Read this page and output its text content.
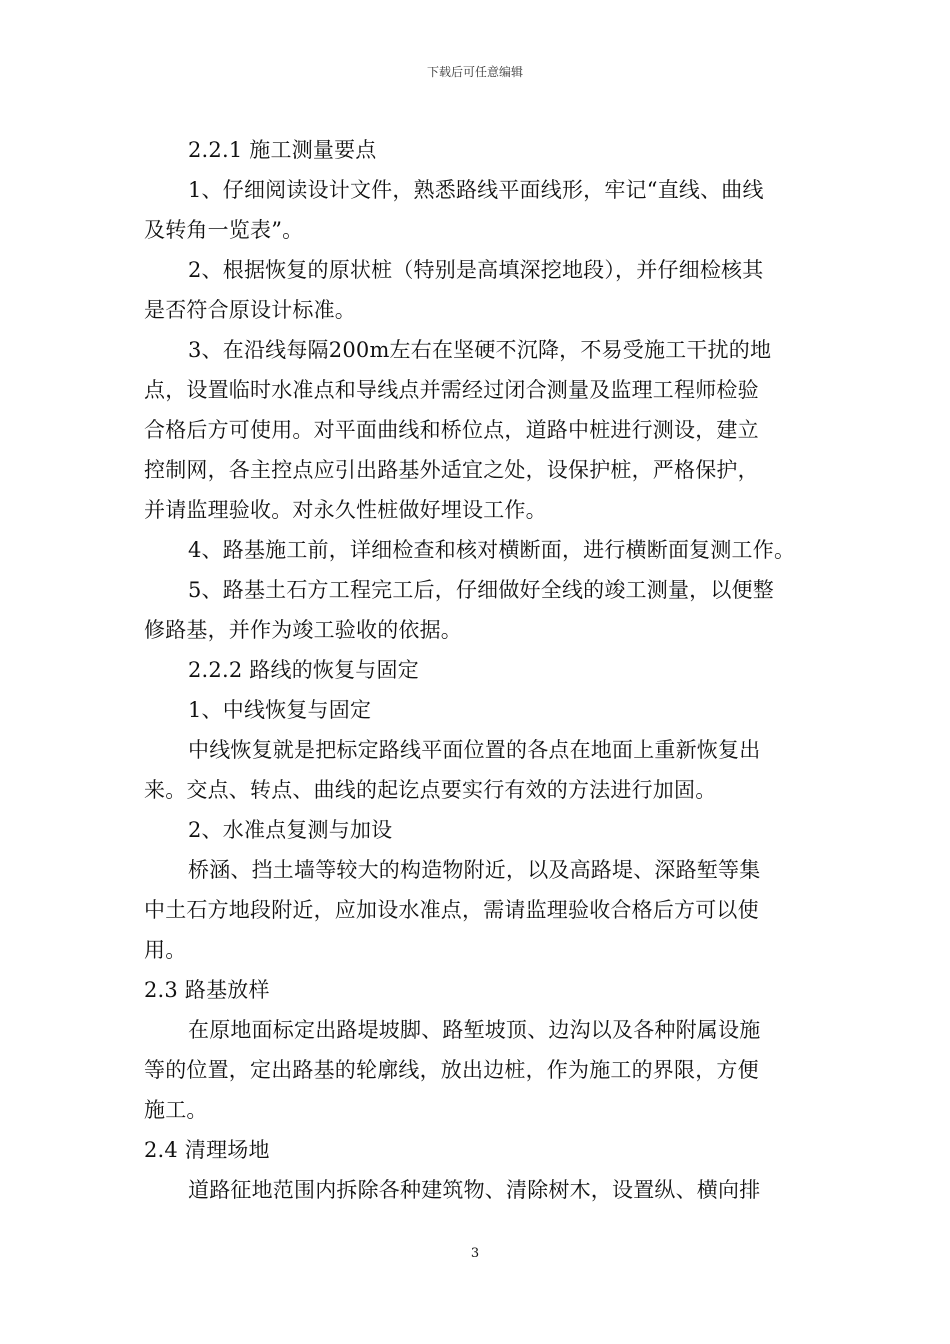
下载后可任意编辑
2.2.1 施工测量要点
1、仔细阅读设计文件，熟悉路线平面线形，牢记“直线、曲线
及转角一览表”。
2、根据恢复的原状桩（特别是高填深挖地段），并仔细检核其
是否符合原设计标准。
3、在沿线每隔200m左右在坚硬不沉降，不易受施工干扰的地
点，设置临时水准点和导线点并需经过闭合测量及监理工程师检验
合格后方可使用。对平面曲线和桥位点，道路中桩进行测设，建立
控制网，各主控点应引出路基外适宜之处，设保护桩，严格保护，
并请监理验收。对永久性桩做好埋设工作。
4、路基施工前，详细检查和核对横断面，进行横断面复测工作。
5、路基土石方工程完工后，仔细做好全线的竣工测量，以便整
修路基，并作为竣工验收的依据。
2.2.2 路线的恢复与固定
1、中线恢复与固定
中线恢复就是把标定路线平面位置的各点在地面上重新恢复出
来。交点、转点、曲线的起讫点要实行有效的方法进行加固。
2、水准点复测与加设
桥涵、挡土墙等较大的构造物附近，以及高路堤、深路堑等集
中土石方地段附近，应加设水准点，需请监理验收合格后方可以使
用。
2.3 路基放样
在原地面标定出路堤坡脚、路堑坡顶、边沟以及各种附属设施
等的位置，定出路基的轮廓线，放出边桩，作为施工的界限，方便
施工。
2.4 清理场地
道路征地范围内拆除各种建筑物、清除树木，设置纵、横向排
3
